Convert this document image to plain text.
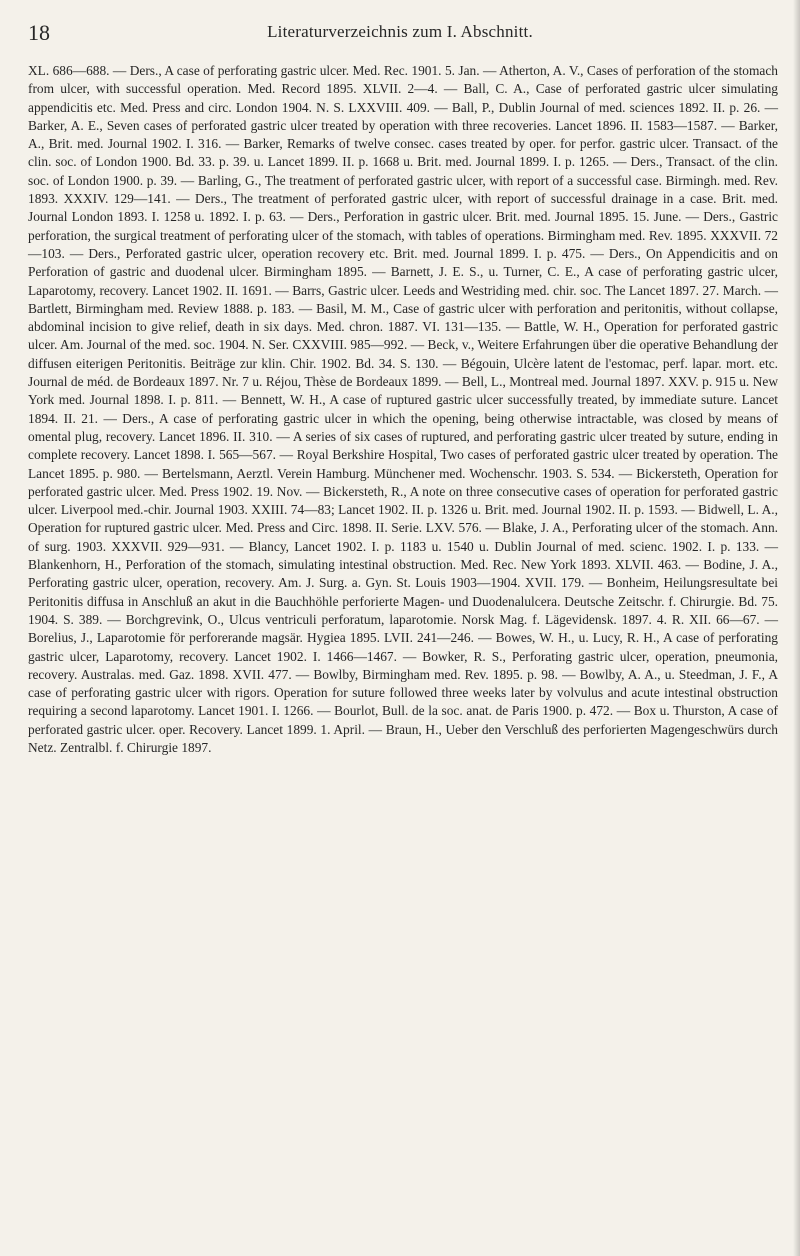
18	Literaturverzeichnis zum I. Abschnitt.
XL. 686—688. — Ders., A case of perforating gastric ulcer. Med. Rec. 1901. 5. Jan. — Atherton, A. V., Cases of perforation of the stomach from ulcer, with successful operation. Med. Record 1895. XLVII. 2—4. — Ball, C. A., Case of perforated gastric ulcer simulating appendicitis etc. Med. Press and circ. London 1904. N. S. LXXVIII. 409. — Ball, P., Dublin Journal of med. sciences 1892. II. p. 26. — Barker, A. E., Seven cases of perforated gastric ulcer treated by operation with three recoveries. Lancet 1896. II. 1583—1587. — Barker, A., Brit. med. Journal 1902. I. 316. — Barker, Remarks of twelve consec. cases treated by oper. for perfor. gastric ulcer. Transact. of the clin. soc. of London 1900. Bd. 33. p. 39. u. Lancet 1899. II. p. 1668 u. Brit. med. Journal 1899. I. p. 1265. — Ders., Transact. of the clin. soc. of London 1900. p. 39. — Barling, G., The treatment of perforated gastric ulcer, with report of a successful case. Birmingh. med. Rev. 1893. XXXIV. 129—141. — Ders., The treatment of perforated gastric ulcer, with report of successful drainage in a case. Brit. med. Journal London 1893. I. 1258 u. 1892. I. p. 63. — Ders., Perforation in gastric ulcer. Brit. med. Journal 1895. 15. June. — Ders., Gastric perforation, the surgical treatment of perforating ulcer of the stomach, with tables of operations. Birmingham med. Rev. 1895. XXXVII. 72—103. — Ders., Perforated gastric ulcer, operation recovery etc. Brit. med. Journal 1899. I. p. 475. — Ders., On Appendicitis and on Perforation of gastric and duodenal ulcer. Birmingham 1895. — Barnett, J. E. S., u. Turner, C. E., A case of perforating gastric ulcer, Laparotomy, recovery. Lancet 1902. II. 1691. — Barrs, Gastric ulcer. Leeds and Westriding med. chir. soc. The Lancet 1897. 27. March. — Bartlett, Birmingham med. Review 1888. p. 183. — Basil, M. M., Case of gastric ulcer with perforation and peritonitis, without collapse, abdominal incision to give relief, death in six days. Med. chron. 1887. VI. 131—135. — Battle, W. H., Operation for perforated gastric ulcer. Am. Journal of the med. soc. 1904. N. Ser. CXXVIII. 985—992. — Beck, v., Weitere Erfahrungen über die operative Behandlung der diffusen eiterigen Peritonitis. Beiträge zur klin. Chir. 1902. Bd. 34. S. 130. — Bégouin, Ulcère latent de l'estomac, perf. lapar. mort. etc. Journal de méd. de Bordeaux 1897. Nr. 7 u. Réjou, Thèse de Bordeaux 1899. — Bell, L., Montreal med. Journal 1897. XXV. p. 915 u. New York med. Journal 1898. I. p. 811. — Bennett, W. H., A case of ruptured gastric ulcer successfully treated, by immediate suture. Lancet 1894. II. 21. — Ders., A case of perforating gastric ulcer in which the opening, being otherwise intractable, was closed by means of omental plug, recovery. Lancet 1896. II. 310. — A series of six cases of ruptured, and perforating gastric ulcer treated by suture, ending in complete recovery. Lancet 1898. I. 565—567. — Royal Berkshire Hospital, Two cases of perforated gastric ulcer treated by operation. The Lancet 1895. p. 980. — Bertelsmann, Aerztl. Verein Hamburg. Münchener med. Wochenschr. 1903. S. 534. — Bickersteth, Operation for perforated gastric ulcer. Med. Press 1902. 19. Nov. — Bickersteth, R., A note on three consecutive cases of operation for perforated gastric ulcer. Liverpool med.-chir. Journal 1903. XXIII. 74—83; Lancet 1902. II. p. 1326 u. Brit. med. Journal 1902. II. p. 1593. — Bidwell, L. A., Operation for ruptured gastric ulcer. Med. Press and Circ. 1898. II. Serie. LXV. 576. — Blake, J. A., Perforating ulcer of the stomach. Ann. of surg. 1903. XXXVII. 929—931. — Blancy, Lancet 1902. I. p. 1183 u. 1540 u. Dublin Journal of med. scienc. 1902. I. p. 133. — Blankenhorn, H., Perforation of the stomach, simulating intestinal obstruction. Med. Rec. New York 1893. XLVII. 463. — Bodine, J. A., Perforating gastric ulcer, operation, recovery. Am. J. Surg. a. Gyn. St. Louis 1903—1904. XVII. 179. — Bonheim, Heilungsresultate bei Peritonitis diffusa in Anschluß an akut in die Bauchhöhle perforierte Magen- und Duodenalulcera. Deutsche Zeitschr. f. Chirurgie. Bd. 75. 1904. S. 389. — Borchgrevink, O., Ulcus ventriculi perforatum, laparotomie. Norsk Mag. f. Lägevidensk. 1897. 4. R. XII. 66—67. — Borelius, J., Laparotomie för perforerande magsär. Hygiea 1895. LVII. 241—246. — Bowes, W. H., u. Lucy, R. H., A case of perforating gastric ulcer, Laparotomy, recovery. Lancet 1902. I. 1466—1467. — Bowker, R. S., Perforating gastric ulcer, operation, pneumonia, recovery. Australas. med. Gaz. 1898. XVII. 477. — Bowlby, Birmingham med. Rev. 1895. p. 98. — Bowlby, A. A., u. Steedman, J. F., A case of perforating gastric ulcer with rigors. Operation for suture followed three weeks later by volvulus and acute intestinal obstruction requiring a second laparotomy. Lancet 1901. I. 1266. — Bourlot, Bull. de la soc. anat. de Paris 1900. p. 472. — Box u. Thurston, A case of perforated gastric ulcer. oper. Recovery. Lancet 1899. 1. April. — Braun, H., Ueber den Verschluß des perforierten Magengeschwürs durch Netz. Zentralbl. f. Chirurgie 1897.
